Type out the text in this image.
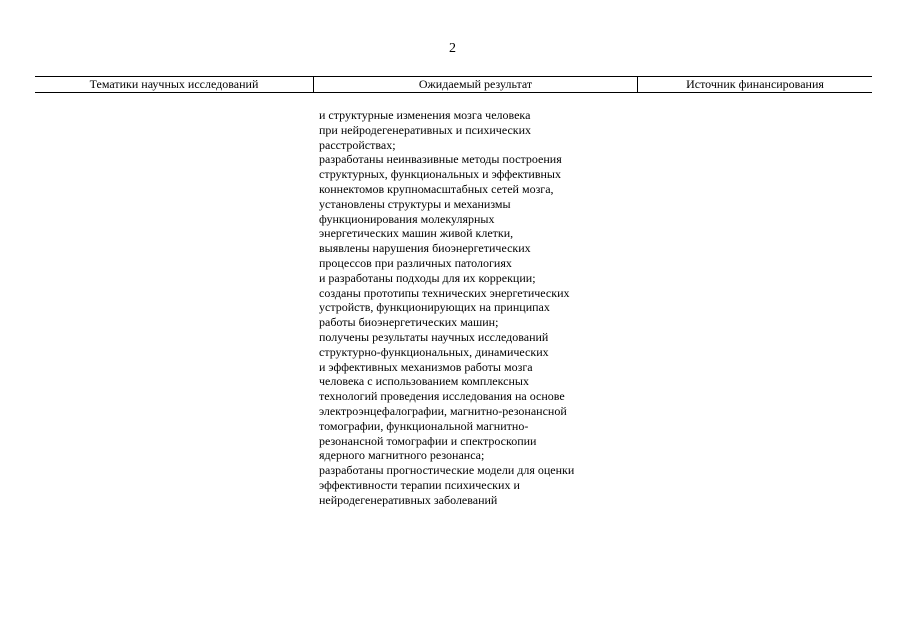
2
Тематики научных исследований	Ожидаемый результат	Источник финансирования
и структурные изменения мозга человека
при нейродегенеративных и психических
расстройствах;
разработаны неинвазивные методы построения
структурных, функциональных и эффективных
коннектомов крупномасштабных сетей мозга,
установлены структуры и механизмы
функционирования молекулярных
энергетических машин живой клетки,
выявлены нарушения биоэнергетических
процессов при различных патологиях
и разработаны подходы для их коррекции;
созданы прототипы технических энергетических
устройств, функционирующих на принципах
работы биоэнергетических машин;
получены результаты научных исследований
структурно-функциональных, динамических
и эффективных механизмов работы мозга
человека с использованием комплексных
технологий проведения исследования на основе
электроэнцефалографии, магнитно-резонансной
томографии, функциональной магнитно-
резонансной томографии и спектроскопии
ядерного магнитного резонанса;
разработаны прогностические модели для оценки
эффективности терапии психических и
нейродегенеративных заболеваний
